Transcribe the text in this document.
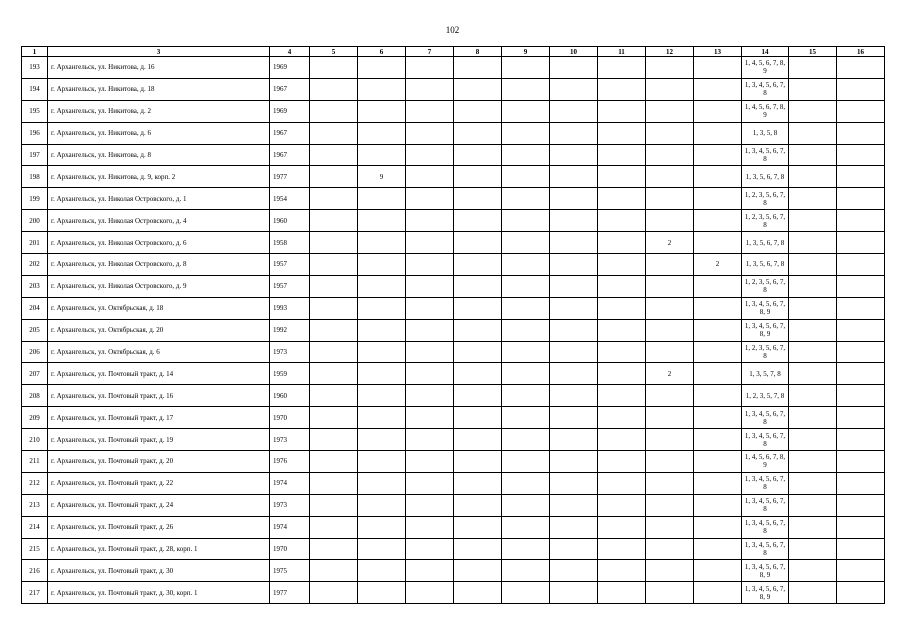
102
1	3	4	5	6	7	8	9	10	11	12	13	14	15	16
193	г. Архангельск, ул. Никитова, д. 16	1969										1, 4, 5, 6, 7, 8, 9		
194	г. Архангельск, ул. Никитова, д. 18	1967										1, 3, 4, 5, 6, 7, 8		
195	г. Архангельск, ул. Никитова, д. 2	1969										1, 4, 5, 6, 7, 8, 9		
196	г. Архангельск, ул. Никитова, д. 6	1967										1, 3, 5, 8		
197	г. Архангельск, ул. Никитова, д. 8	1967										1, 3, 4, 5, 6, 7, 8		
198	г. Архангельск, ул. Никитова, д. 9, корп. 2	1977		9								1, 3, 5, 6, 7, 8		
199	г. Архангельск, ул. Николая Островского, д. 1	1954										1, 2, 3, 5, 6, 7, 8		
200	г. Архангельск, ул. Николая Островского, д. 4	1960										1, 2, 3, 5, 6, 7, 8		
201	г. Архангельск, ул. Николая Островского, д. 6	1958								2		1, 3, 5, 6, 7, 8		
202	г. Архангельск, ул. Николая Островского, д. 8	1957									2	1, 3, 5, 6, 7, 8		
203	г. Архангельск, ул. Николая Островского, д. 9	1957										1, 2, 3, 5, 6, 7, 8		
204	г. Архангельск, ул. Октябрьская, д. 18	1993										1, 3, 4, 5, 6, 7, 8, 9		
205	г. Архангельск, ул. Октябрьская, д. 20	1992										1, 3, 4, 5, 6, 7, 8, 9		
206	г. Архангельск, ул. Октябрьская, д. 6	1973										1, 2, 3, 5, 6, 7, 8		
207	г. Архангельск, ул. Почтовый тракт, д. 14	1959								2		1, 3, 5, 7, 8		
208	г. Архангельск, ул. Почтовый тракт, д. 16	1960										1, 2, 3, 5, 7, 8		
209	г. Архангельск, ул. Почтовый тракт, д. 17	1970										1, 3, 4, 5, 6, 7, 8		
210	г. Архангельск, ул. Почтовый тракт, д. 19	1973										1, 3, 4, 5, 6, 7, 8		
211	г. Архангельск, ул. Почтовый тракт, д. 20	1976										1, 4, 5, 6, 7, 8, 9		
212	г. Архангельск, ул. Почтовый тракт, д. 22	1974										1, 3, 4, 5, 6, 7, 8		
213	г. Архангельск, ул. Почтовый тракт, д. 24	1973										1, 3, 4, 5, 6, 7, 8		
214	г. Архангельск, ул. Почтовый тракт, д. 26	1974										1, 3, 4, 5, 6, 7, 8		
215	г. Архангельск, ул. Почтовый тракт, д. 28, корп. 1	1970										1, 3, 4, 5, 6, 7, 8		
216	г. Архангельск, ул. Почтовый тракт, д. 30	1975										1, 3, 4, 5, 6, 7, 8, 9		
217	г. Архангельск, ул. Почтовый тракт, д. 30, корп. 1	1977										1, 3, 4, 5, 6, 7, 8, 9		
